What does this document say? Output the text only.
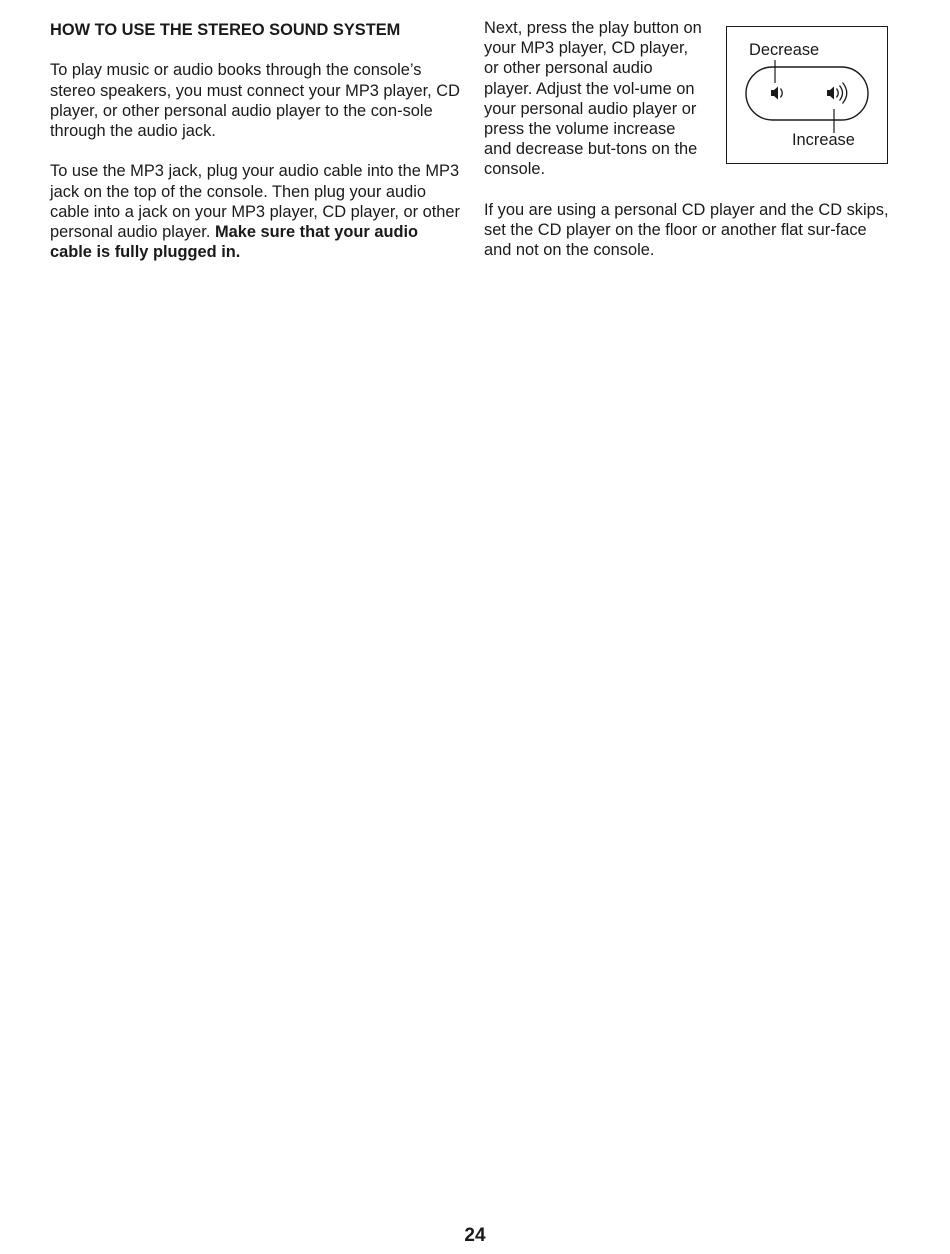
HOW TO USE THE STEREO SOUND SYSTEM

To play music or audio books through the console’s stereo speakers, you must connect your MP3 player, CD player, or other personal audio player to the con-sole through the audio jack.

To use the MP3 jack, plug your audio cable into the MP3 jack on the top of the console. Then plug your audio cable into a jack on your MP3 player, CD player, or other personal audio player. Make sure that your audio cable is fully plugged in.

Next, press the play button on your MP3 player, CD player, or other personal audio player. Adjust the vol-ume on your personal audio player or press the volume increase and decrease but-tons on the console.

If you are using a personal CD player and the CD skips, set the CD player on the floor or another flat sur-face and not on the console.

Decrease
Increase
24
